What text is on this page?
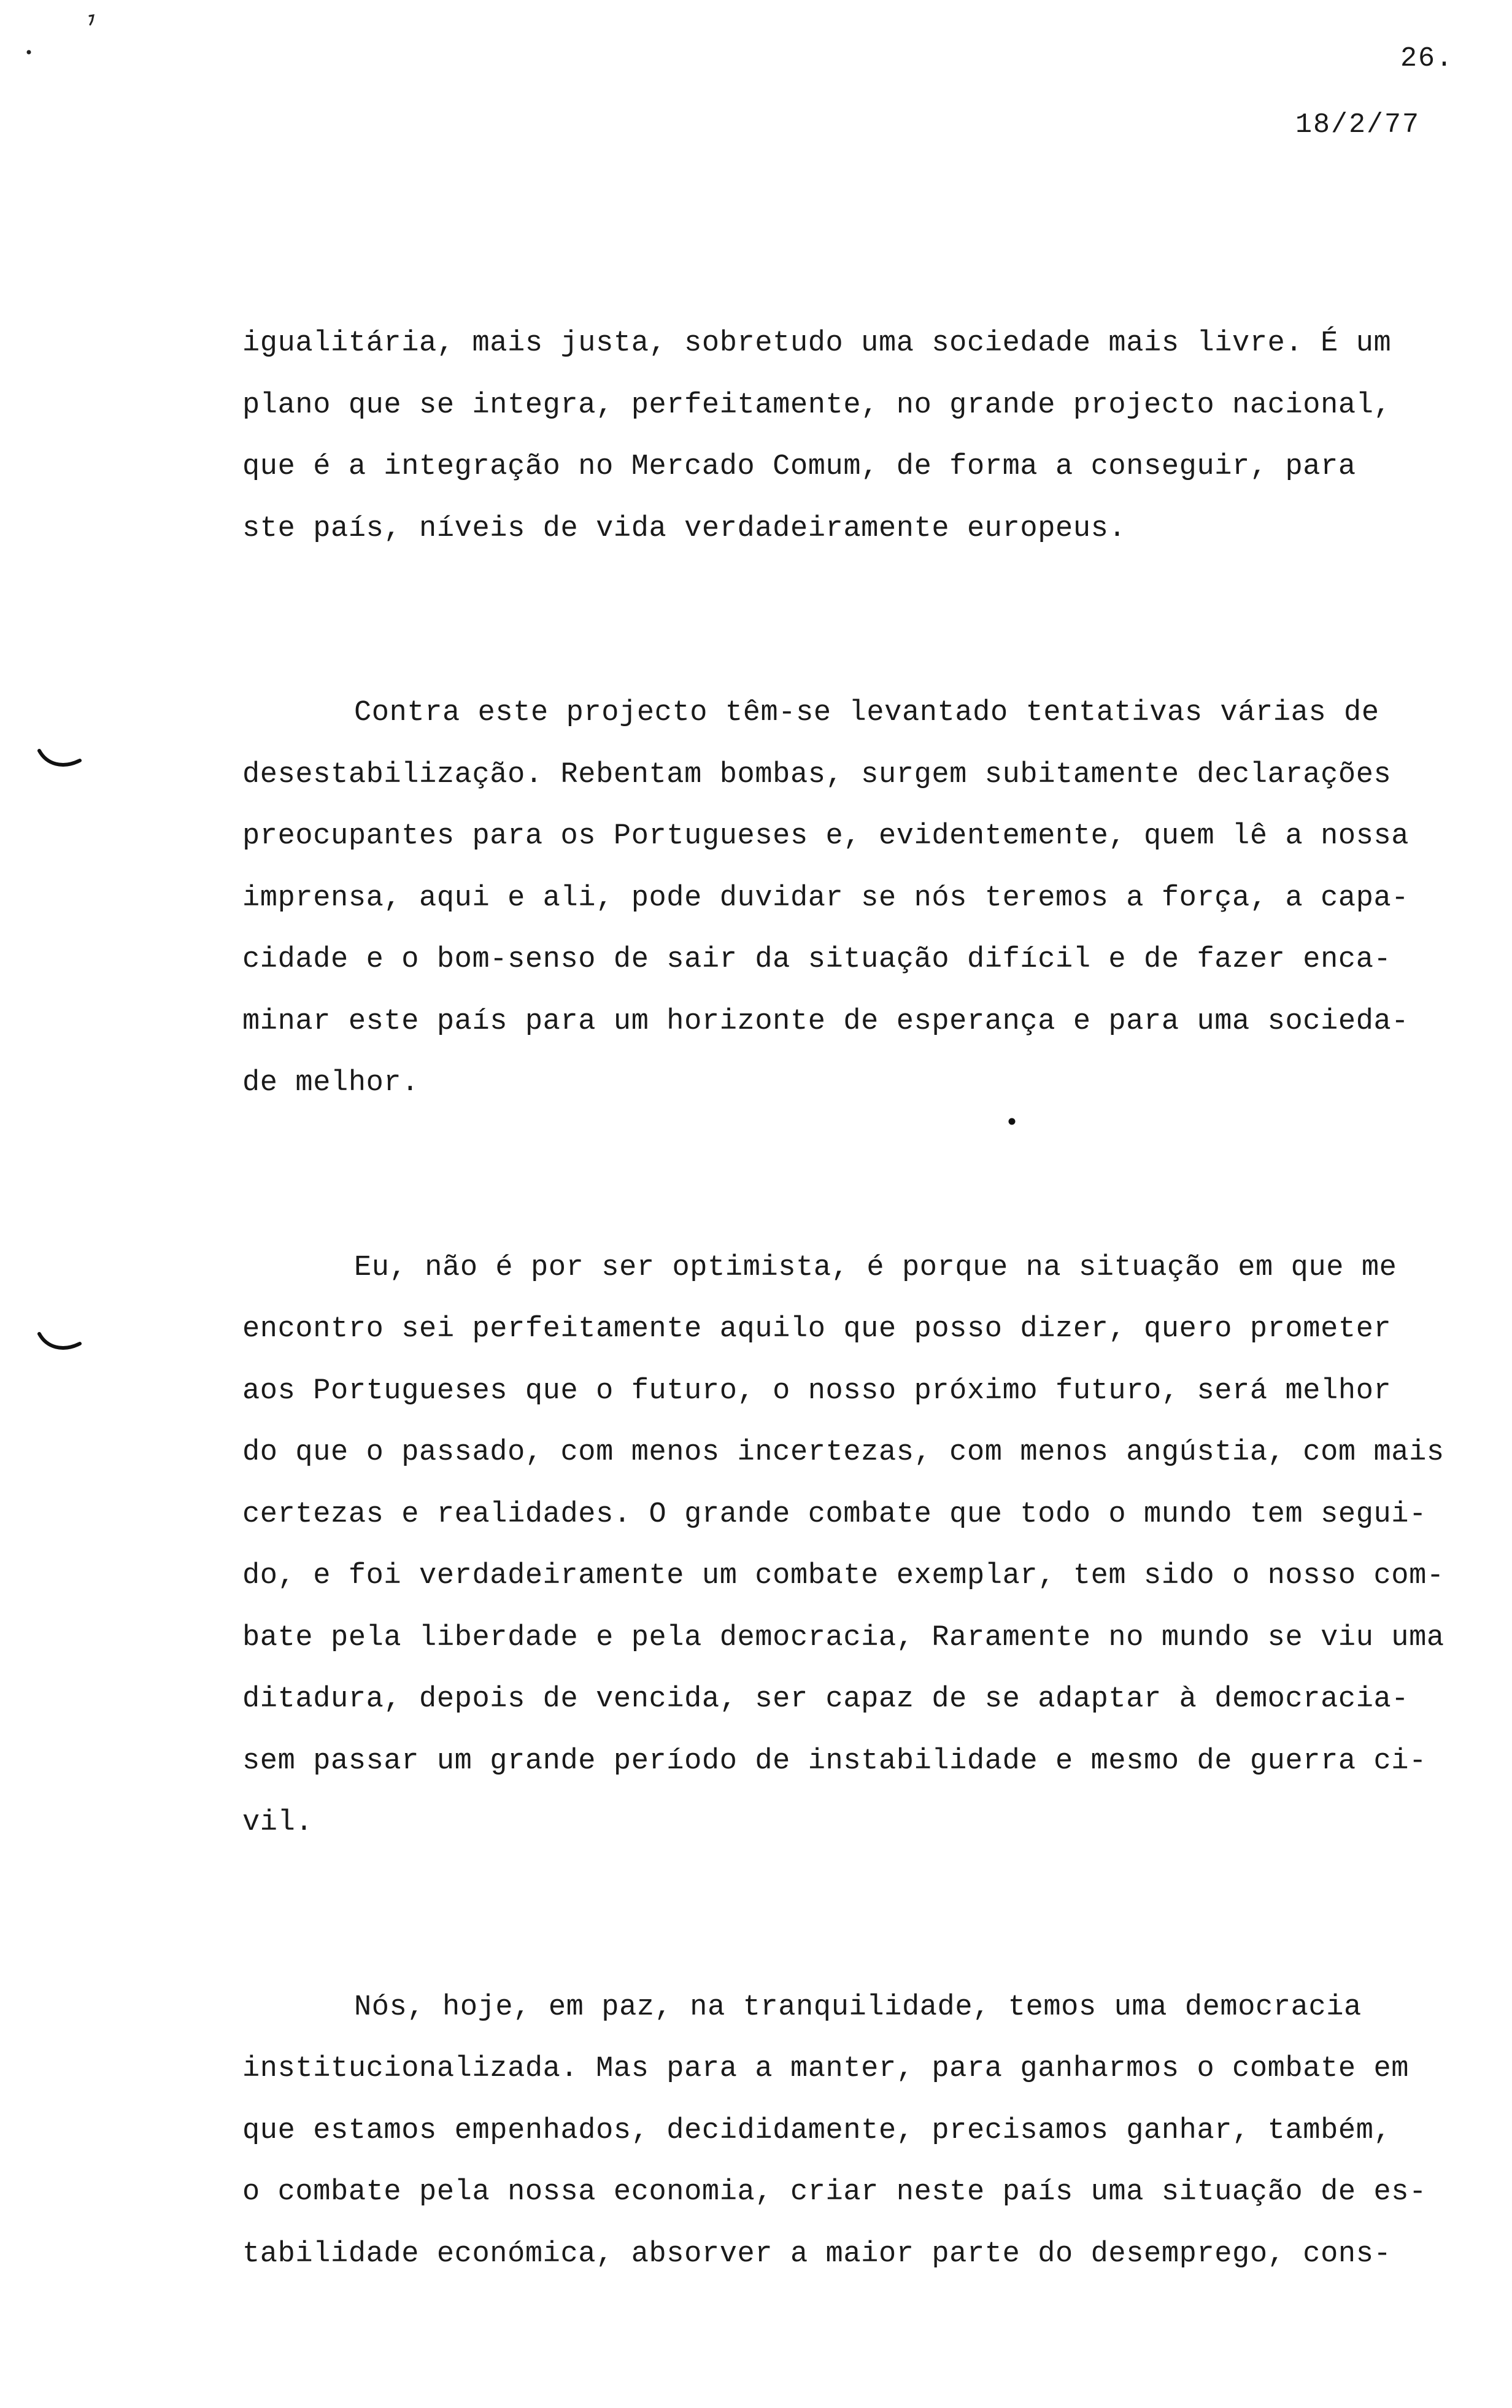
26.
18/2/77
igualitária, mais justa, sobretudo uma sociedade mais livre. É um
plano que se integra, perfeitamente, no grande projecto nacional,
que é a integração no Mercado Comum, de forma a conseguir, para
ste país, níveis de vida verdadeiramente europeus.
Contra este projecto têm-se levantado tentativas várias de
desestabilização. Rebentam bombas, surgem subitamente declarações
preocupantes para os Portugueses e, evidentemente, quem lê a nossa
imprensa, aqui e ali, pode duvidar se nós teremos a força, a capa-
cidade e o bom-senso de sair da situação difícil e de fazer enca-
minar este país para um horizonte de esperança e para uma socieda-
de melhor.
Eu, não é por ser optimista, é porque na situação em que me
encontro sei perfeitamente aquilo que posso dizer, quero prometer
aos Portugueses que o futuro, o nosso próximo futuro, será melhor
do que o passado, com menos incertezas, com menos angústia, com mais
certezas e realidades. O grande combate que todo o mundo tem segui-
do, e foi verdadeiramente um combate exemplar, tem sido o nosso com-
bate pela liberdade e pela democracia, Raramente no mundo se viu uma
ditadura, depois de vencida, ser capaz de se adaptar à democracia-
sem passar um grande período de instabilidade e mesmo de guerra ci-
vil.
Nós, hoje, em paz, na tranquilidade, temos uma democracia
institucionalizada. Mas para a manter, para ganharmos o combate em
que estamos empenhados, decididamente, precisamos ganhar, também,
o combate pela nossa economia, criar neste país uma situação de es-
tabilidade económica, absorver a maior parte do desemprego, cons-
